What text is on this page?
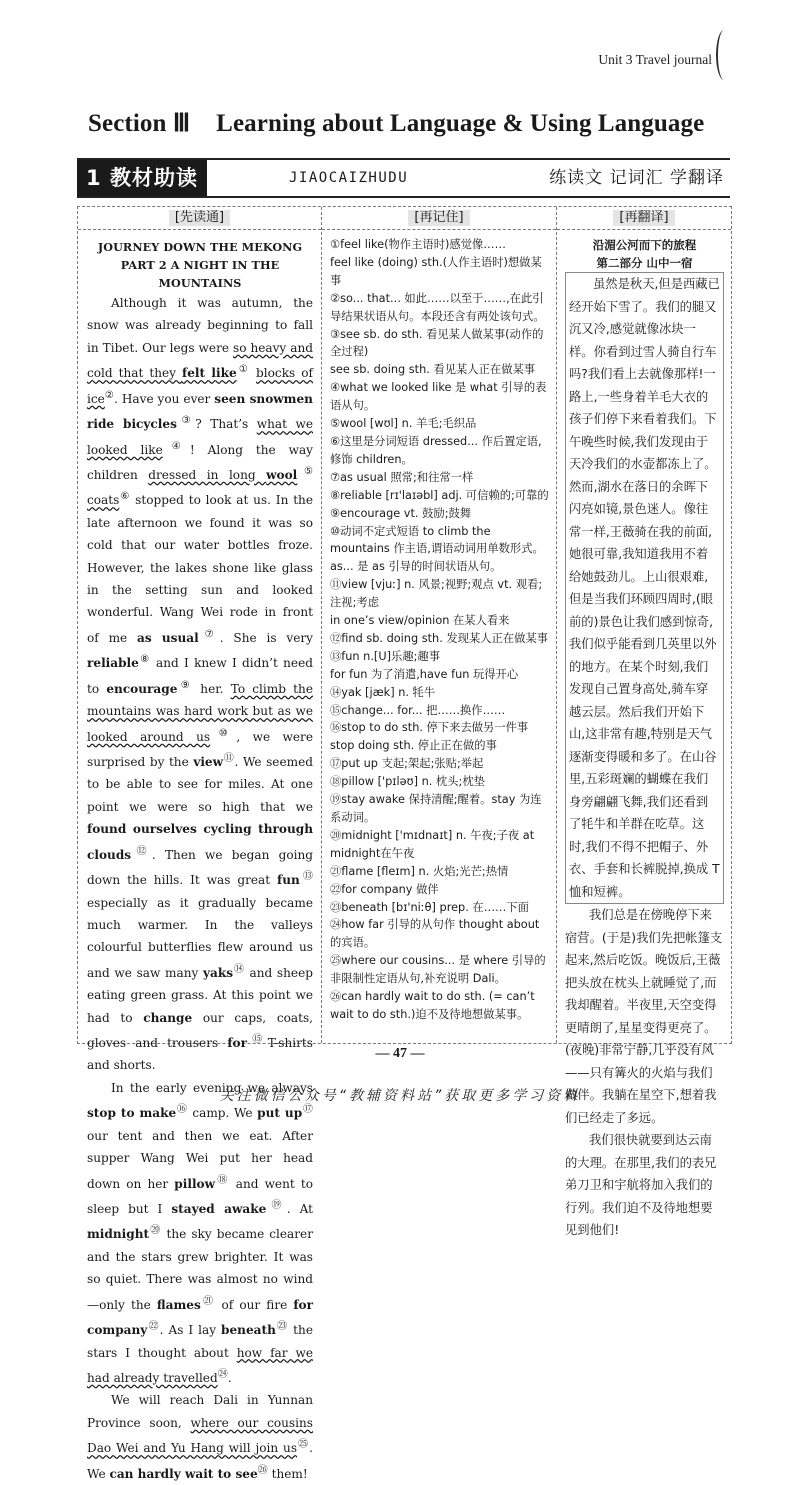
Unit 3 Travel journal
Section Ⅲ Learning about Language & Using Language
1 教材助读	JIAOCAIZHUDU	练读文 记词汇 学翻译
[先读通]
JOURNEY DOWN THE MEKONG
PART 2 A NIGHT IN THE MOUNTAINS

Although it was autumn, the snow was already beginning to fall in Tibet. Our legs were so heavy and cold that they felt like① blocks of ice②. Have you ever seen snowmen ride bicycles③? That’s what we looked like④! Along the way children dressed in long wool⑤ coats⑥ stopped to look at us. In the late afternoon we found it was so cold that our water bottles froze. However, the lakes shone like glass in the setting sun and looked wonderful. Wang Wei rode in front of me as usual⑦. She is very reliable⑧ and I knew I didn’t need to encourage⑨ her. To climb the mountains was hard work but as we looked around us⑩, we were surprised by the view⑪. We seemed to be able to see for miles. At one point we were so high that we found ourselves cycling through clouds⑫. Then we began going down the hills. It was great fun⑬ especially as it gradually became much warmer. In the valleys colourful butterflies flew around us and we saw many yaks⑭ and sheep eating green grass. At this point we had to change our caps, coats, gloves and trousers for⑮T-shirts and shorts.

In the early evening we always stop to make⑯ camp. We put up⑰ our tent and then we eat. After supper Wang Wei put her head down on her pillow⑱ and went to sleep but I stayed awake⑲. At midnight⑳ the sky became clearer and the stars grew brighter. It was so quiet. There was almost no wind—only the flames$^㉑$ of our fire for company$^㉒$. As I lay beneath$^㉓$ the stars I thought about how far we had already travelled$^㉔$.

We will reach Dali in Yunnan Province soon, where our cousins Dao Wei and Yu Hang will join $us^㉕$. We can hardly wait to see$^㉖$ them!

[再记住]
①feel like(物作主语时)感觉像……
feel like (doing) sth.(人作主语时)想做某事
②so... that... 如此……以至于……,在此引导结果状语从句。本段还含有两处该句式。
③see sb. do sth. 看见某人做某事(动作的全过程)
see sb. doing sth. 看见某人正在做某事
④what we looked like 是 what 引导的表语从句。
⑤wool [wʊl] n. 羊毛;毛织品
⑥这里是分词短语 dressed... 作后置定语,修饰 children。
⑦as usual 照常;和往常一样
⑧reliable [rɪ'laɪəbl] adj. 可信赖的;可靠的
⑨encourage vt. 鼓励;鼓舞
⑩动词不定式短语 to climb the mountains 作主语,谓语动词用单数形式。as... 是 as 引导的时间状语从句。
⑪view [vjuː] n. 风景;视野;观点 vt. 观看;注视;考虑
in one’s view/opinion 在某人看来
⑫find sb. doing sth. 发现某人正在做某事
⑬fun n.[U]乐趣;趣事
for fun 为了消遣,have fun 玩得开心
⑭yak [jæk] n. 牦牛
⑮change... for... 把……换作……
⑯stop to do sth. 停下来去做另一件事
stop doing sth. 停止正在做的事
⑰put up 支起;架起;张贴;举起
⑱pillow ['pɪləʊ] n. 枕头;枕垫
⑲stay awake 保持清醒;醒着。stay 为连系动词。
⑳midnight ['mɪdnaɪt] n. 午夜;子夜 at midnight在午夜
㉑flame [fleɪm] n. 火焰;光芒;热情
㉒for company 做伴
㉓beneath [bɪ'niːθ] prep. 在……下面
㉔how far 引导的从句作 thought about 的宾语。
㉕where our cousins... 是 where 引导的非限制性定语从句,补充说明 Dali。
㉖can hardly wait to do sth. (= can’t wait to do sth.)迫不及待地想做某事。
[再翻译]
沿湄公河而下的旅程
第二部分 山中一宿

虽然是秋天,但是西藏已经开始下雪了。我们的腿又沉又冷,感觉就像冰块一样。你看到过雪人骑自行车吗?我们看上去就像那样!一路上,一些身着羊毛大衣的孩子们停下来看着我们。下午晚些时候,我们发现由于天冷我们的水壶都冻上了。然而,湖水在落日的余晖下闪亮如镜,景色迷人。像往常一样,王薇骑在我的前面,她很可靠,我知道我用不着给她鼓劲儿。上山很艰难,但是当我们环顾四周时,(眼前的)景色让我们感到惊奇,我们似乎能看到几英里以外的地方。在某个时刻,我们发现自己置身高处,骑车穿越云层。然后我们开始下山,这非常有趣,特别是天气逐渐变得暖和多了。在山谷里,五彩斑斓的蝴蝶在我们身旁翩翩飞舞,我们还看到了牦牛和羊群在吃草。这时,我们不得不把帽子、外衣、手套和长裤脱掉,换成 T 恤和短裤。

我们总是在傍晚停下来宿营。(于是)我们先把帐篷支起来,然后吃饭。晚饭后,王薇把头放在枕头上就睡觉了,而我却醒着。半夜里,天空变得更晴朗了,星星变得更亮了。(夜晚)非常宁静,几乎没有风——只有篝火的火焰与我们做伴。我躺在星空下,想着我们已经走了多远。

我们很快就要到达云南的大理。在那里,我们的表兄弟刀卫和宇航将加入我们的行列。我们迫不及待地想要见到他们!

— 47 —
关注微信公众号“教辅资料站”获取更多学习资料
